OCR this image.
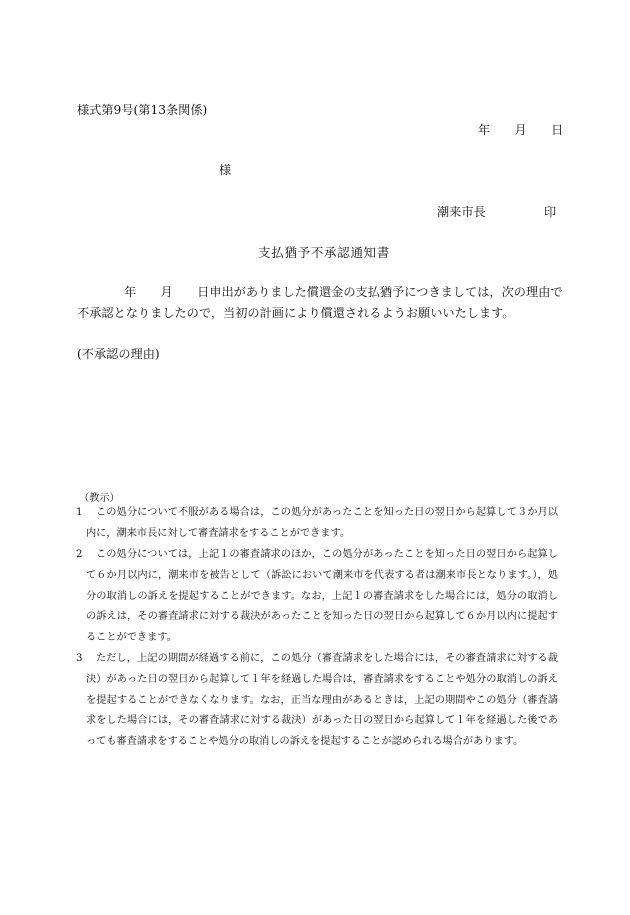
様式第9号(第13条関係)
年　　月　　日
様
潮来市長	印
支払猶予不承認通知書
年　　月　　日申出がありました償還金の支払猶予につきましては，次の理由で
不承認となりましたので，当初の計画により償還されるようお願いいたします。
(不承認の理由)
（教示）
1	この処分について不服がある場合は，この処分があったことを知った日の翌日から起算して３か月以内に，潮来市長に対して審査請求をすることができます。
2	この処分については，上記１の審査請求のほか，この処分があったことを知った日の翌日から起算して６か月以内に，潮来市を被告として（訴訟において潮来市を代表する者は潮来市長となります。），処分の取消しの訴えを提起することができます。なお，上記１の審査請求をした場合には，処分の取消しの訴えは，その審査請求に対する裁決があったことを知った日の翌日から起算して６か月以内に提起することができます。
3	ただし，上記の期間が経過する前に，この処分（審査請求をした場合には，その審査請求に対する裁決）があった日の翌日から起算して１年を経過した場合は，審査請求をすることや処分の取消しの訴えを提起することができなくなります。なお，正当な理由があるときは，上記の期間やこの処分（審査請求をした場合には，その審査請求に対する裁決）があった日の翌日から起算して１年を経過した後であっても審査請求をすることや処分の取消しの訴えを提起することが認められる場合があります。
